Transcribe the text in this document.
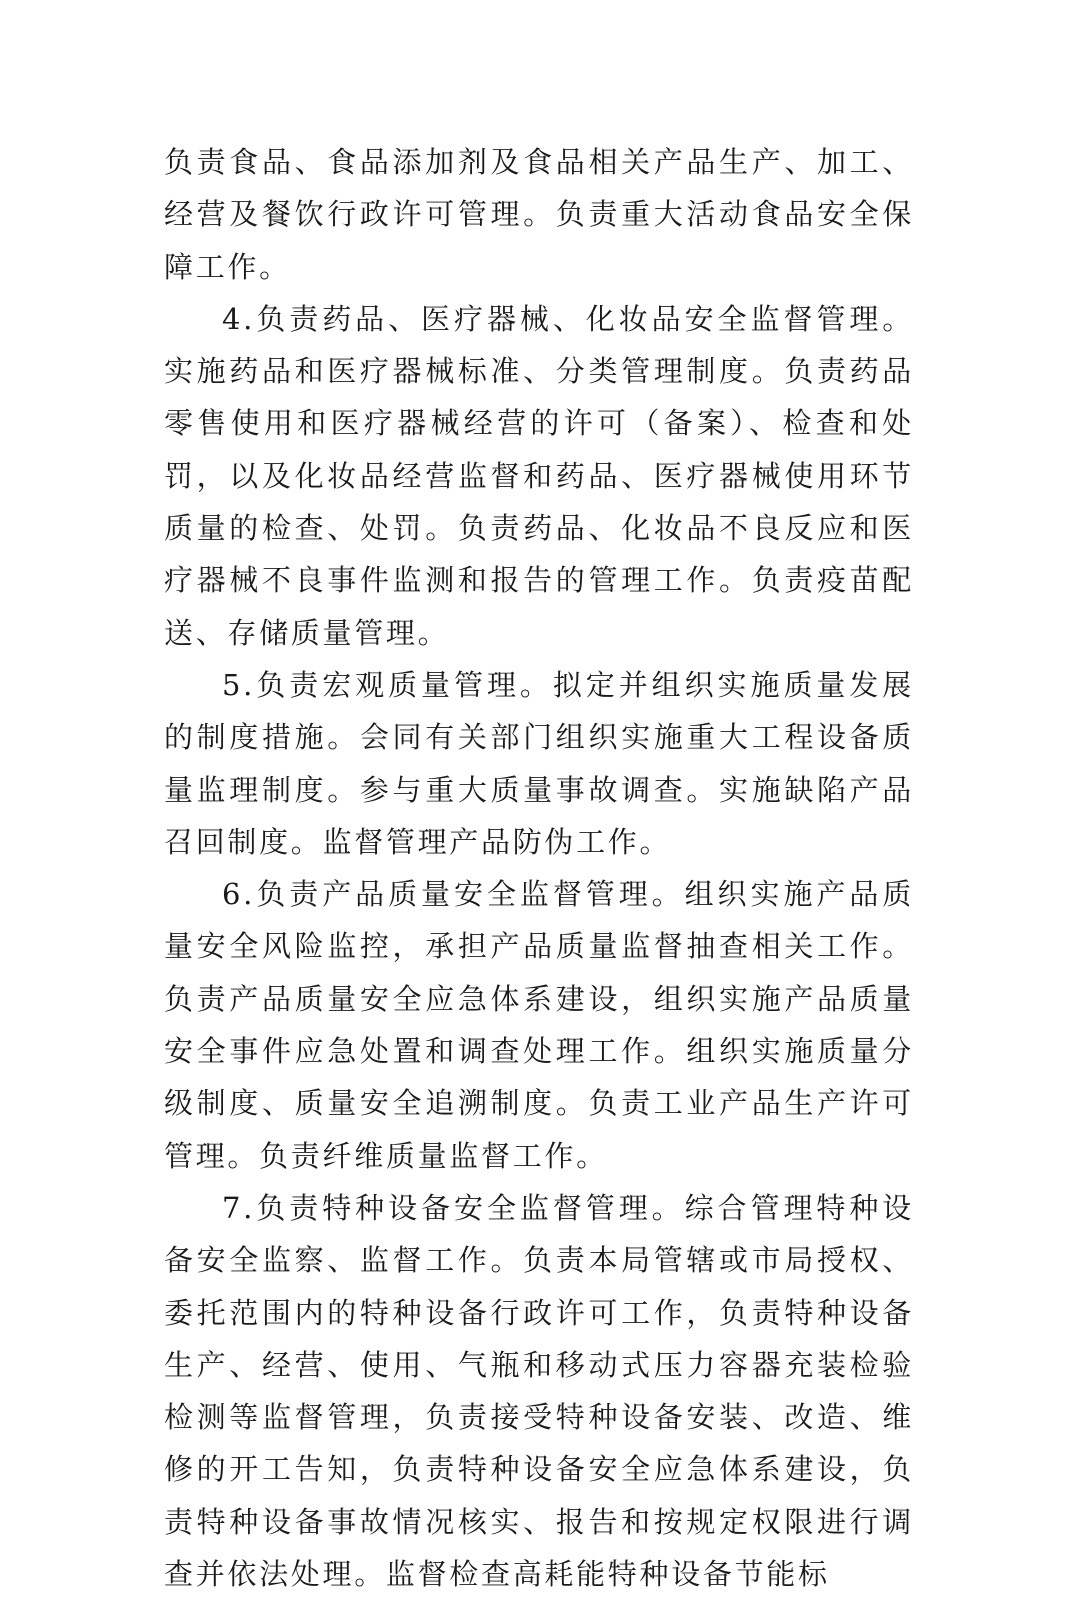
负责食品、食品添加剂及食品相关产品生产、加工、经营及餐饮行政许可管理。负责重大活动食品安全保障工作。

4.负责药品、医疗器械、化妆品安全监督管理。实施药品和医疗器械标准、分类管理制度。负责药品零售使用和医疗器械经营的许可（备案）、检查和处罚，以及化妆品经营监督和药品、医疗器械使用环节质量的检查、处罚。负责药品、化妆品不良反应和医疗器械不良事件监测和报告的管理工作。负责疫苗配送、存储质量管理。

5.负责宏观质量管理。拟定并组织实施质量发展的制度措施。会同有关部门组织实施重大工程设备质量监理制度。参与重大质量事故调查。实施缺陷产品召回制度。监督管理产品防伪工作。

6.负责产品质量安全监督管理。组织实施产品质量安全风险监控，承担产品质量监督抽查相关工作。负责产品质量安全应急体系建设，组织实施产品质量安全事件应急处置和调查处理工作。组织实施质量分级制度、质量安全追溯制度。负责工业产品生产许可管理。负责纤维质量监督工作。

7.负责特种设备安全监督管理。综合管理特种设备安全监察、监督工作。负责本局管辖或市局授权、委托范围内的特种设备行政许可工作，负责特种设备生产、经营、使用、气瓶和移动式压力容器充装检验检测等监督管理，负责接受特种设备安装、改造、维修的开工告知，负责特种设备安全应急体系建设，负责特种设备事故情况核实、报告和按规定权限进行调查并依法处理。监督检查高耗能特种设备节能标
